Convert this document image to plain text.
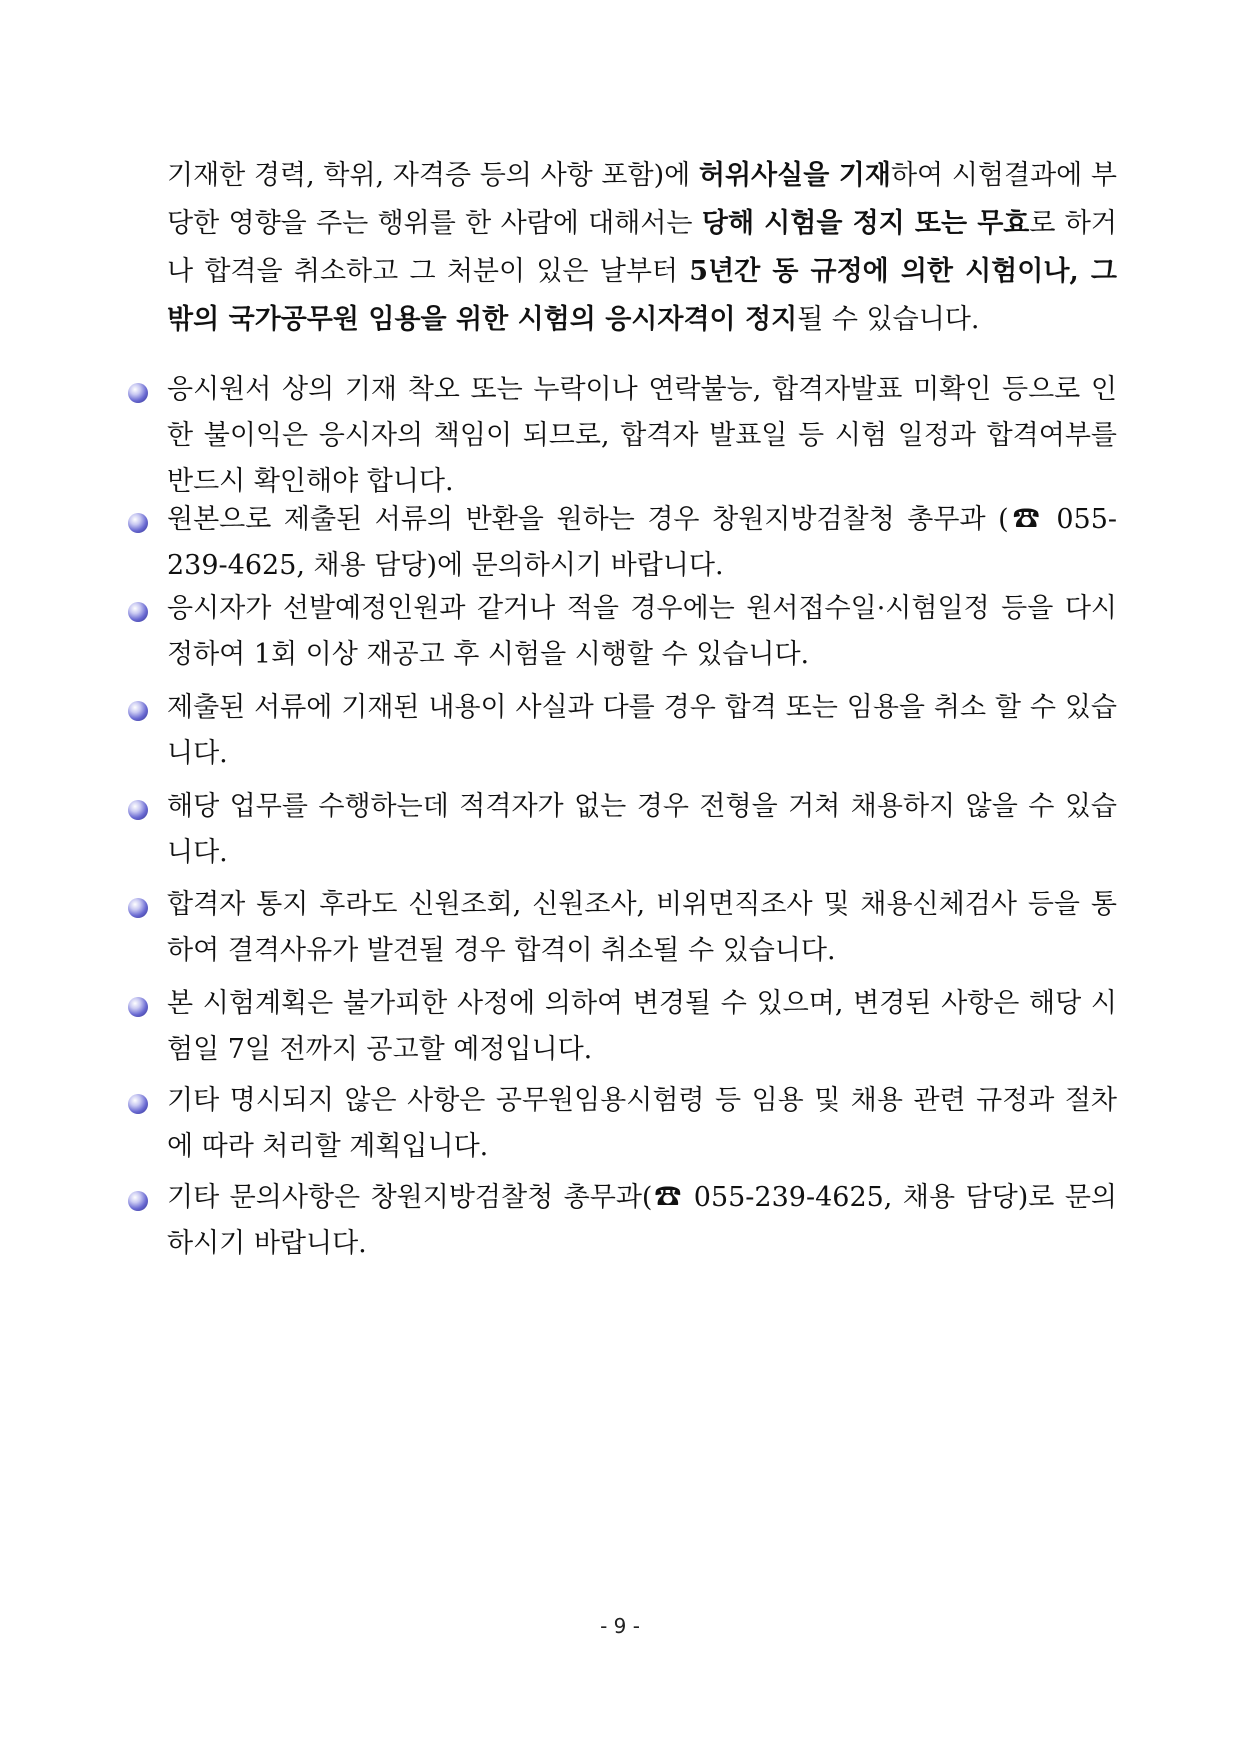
기재한 경력, 학위, 자격증 등의 사항 포함)에 허위사실을 기재하여 시험결과에 부당한 영향을 주는 행위를 한 사람에 대해서는 당해 시험을 정지 또는 무효로 하거나 합격을 취소하고 그 처분이 있은 날부터 5년간 동 규정에 의한 시험이나, 그 밖의 국가공무원 임용을 위한 시험의 응시자격이 정지될 수 있습니다.
응시원서 상의 기재 착오 또는 누락이나 연락불능, 합격자발표 미확인 등으로 인한 불이익은 응시자의 책임이 되므로, 합격자 발표일 등 시험 일정과 합격여부를 반드시 확인해야 합니다.
원본으로 제출된 서류의 반환을 원하는 경우 창원지방검찰청 총무과 (☎ 055-239-4625, 채용 담당)에 문의하시기 바랍니다.
응시자가 선발예정인원과 같거나 적을 경우에는 원서접수일·시험일정 등을 다시 정하여 1회 이상 재공고 후 시험을 시행할 수 있습니다.
제출된 서류에 기재된 내용이 사실과 다를 경우 합격 또는 임용을 취소 할 수 있습니다.
해당 업무를 수행하는데 적격자가 없는 경우 전형을 거쳐 채용하지 않을 수 있습니다.
합격자 통지 후라도 신원조회, 신원조사, 비위면직조사 및 채용신체검사 등을 통하여 결격사유가 발견될 경우 합격이 취소될 수 있습니다.
본 시험계획은 불가피한 사정에 의하여 변경될 수 있으며, 변경된 사항은 해당 시험일 7일 전까지 공고할 예정입니다.
기타 명시되지 않은 사항은 공무원임용시험령 등 임용 및 채용 관련 규정과 절차에 따라 처리할 계획입니다.
기타 문의사항은 창원지방검찰청 총무과(☎ 055-239-4625, 채용 담당)로 문의하시기 바랍니다.
- 9 -
